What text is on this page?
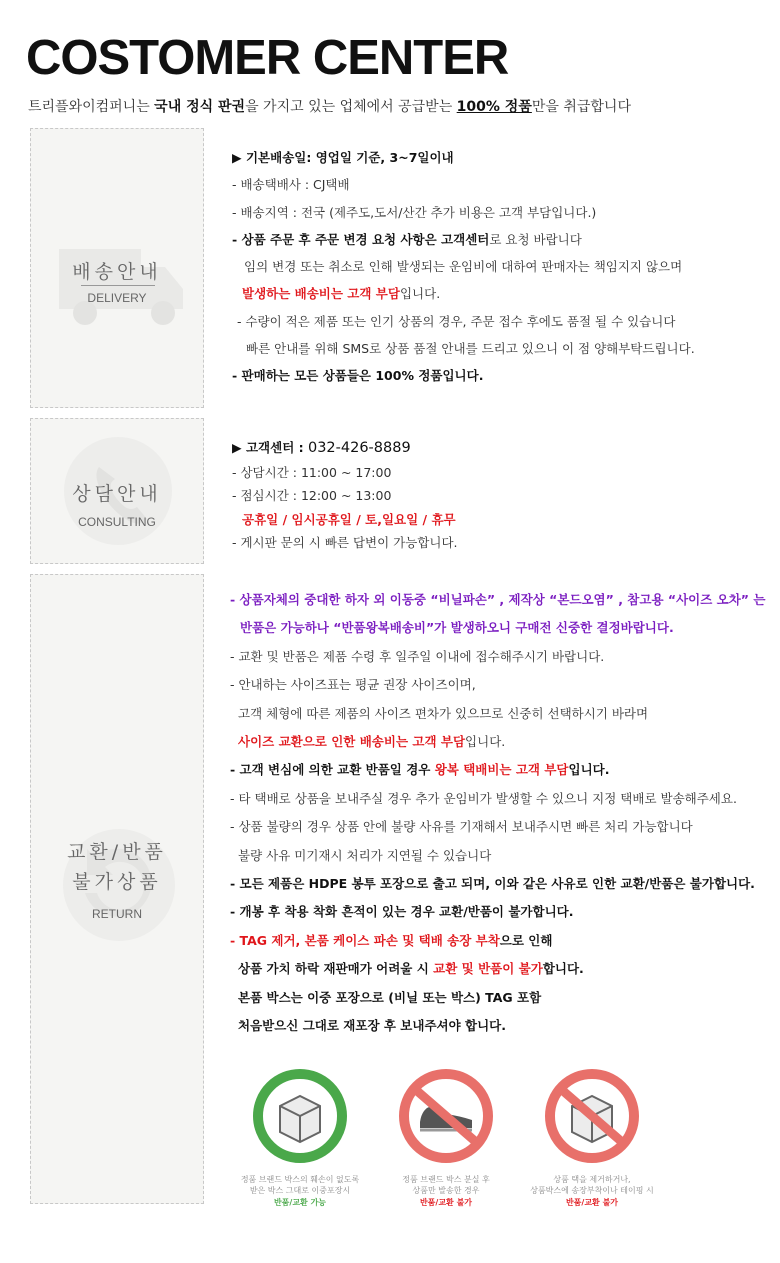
COSTOMER CENTER
트리플와이컴퍼니는 국내 정식 판권을 가지고 있는 업체에서 공급받는 100% 정품만을 취급합니다
배송안내
DELIVERY
▶ 기본배송일: 영업일 기준, 3~7일이내
- 배송택배사 : CJ택배
- 배송지역 : 전국 (제주도,도서/산간 추가 비용은 고객 부담입니다.)
- 상품 주문 후 주문 변경 요청 사항은 고객센터로 요청 바랍니다
임의 변경 또는 취소로 인해 발생되는 운임비에 대하여 판매자는 책임지지 않으며
발생하는 배송비는 고객 부담입니다.
- 수량이 적은 제품 또는 인기 상품의 경우, 주문 접수 후에도 품절 될 수 있습니다
빠른 안내를 위해 SMS로 상품 품절 안내를 드리고 있으니 이 점 양해부탁드립니다.
- 판매하는 모든 상품들은 100% 정품입니다.
상담안내
CONSULTING
▶ 고객센터 : 032-426-8889
- 상담시간 : 11:00 ~ 17:00
- 점심시간 : 12:00 ~ 13:00
공휴일 / 임시공휴일 / 토,일요일 / 휴무
- 게시판 문의 시 빠른 답변이 가능합니다.
교환/반품
불가상품
RETURN
- 상품자체의 중대한 하자 외 이동중 “비닐파손” , 제작상 “본드오염” , 참고용 “사이즈 오차” 는
반품은 가능하나 “반품왕복배송비”가 발생하오니 구매전 신중한 결정바랍니다.
- 교환 및 반품은 제품 수령 후 일주일 이내에 접수해주시기 바랍니다.
- 안내하는 사이즈표는 평균 권장 사이즈이며,
고객 체형에 따른 제품의 사이즈 편차가 있으므로 신중히 선택하시기 바라며
사이즈 교환으로 인한 배송비는 고객 부담입니다.
- 고객 변심에 의한 교환 반품일 경우 왕복 택배비는 고객 부담입니다.
- 타 택배로 상품을 보내주실 경우 추가 운임비가 발생할 수 있으니 지정 택배로 발송해주세요.
- 상품 불량의 경우 상품 안에 불량 사유를 기재해서 보내주시면 빠른 처리 가능합니다
불량 사유 미기재시 처리가 지연될 수 있습니다
- 모든 제품은 HDPE 봉투 포장으로 출고 되며, 이와 같은 사유로 인한 교환/반품은 불가합니다.
- 개봉 후 착용 착화 흔적이 있는 경우 교환/반품이 불가합니다.
- TAG 제거, 본품 케이스 파손 및 택배 송장 부착으로 인해
상품 가치 하락 재판매가 어려울 시 교환 및 반품이 불가합니다.
본품 박스는 이중 포장으로 (비닐 또는 박스) TAG 포함
처음받으신 그대로 재포장 후 보내주셔야 합니다.
정품 브랜드 박스의 훼손이 없도록
받은 박스 그대로 이중포장시
반품/교환 가능
정품 브랜드 박스 분실 후
상품만 발송한 경우
반품/교환 불가
상품 택을 제거하거나,
상품박스에 송장부착이나 테이핑 시
반품/교환 불가
